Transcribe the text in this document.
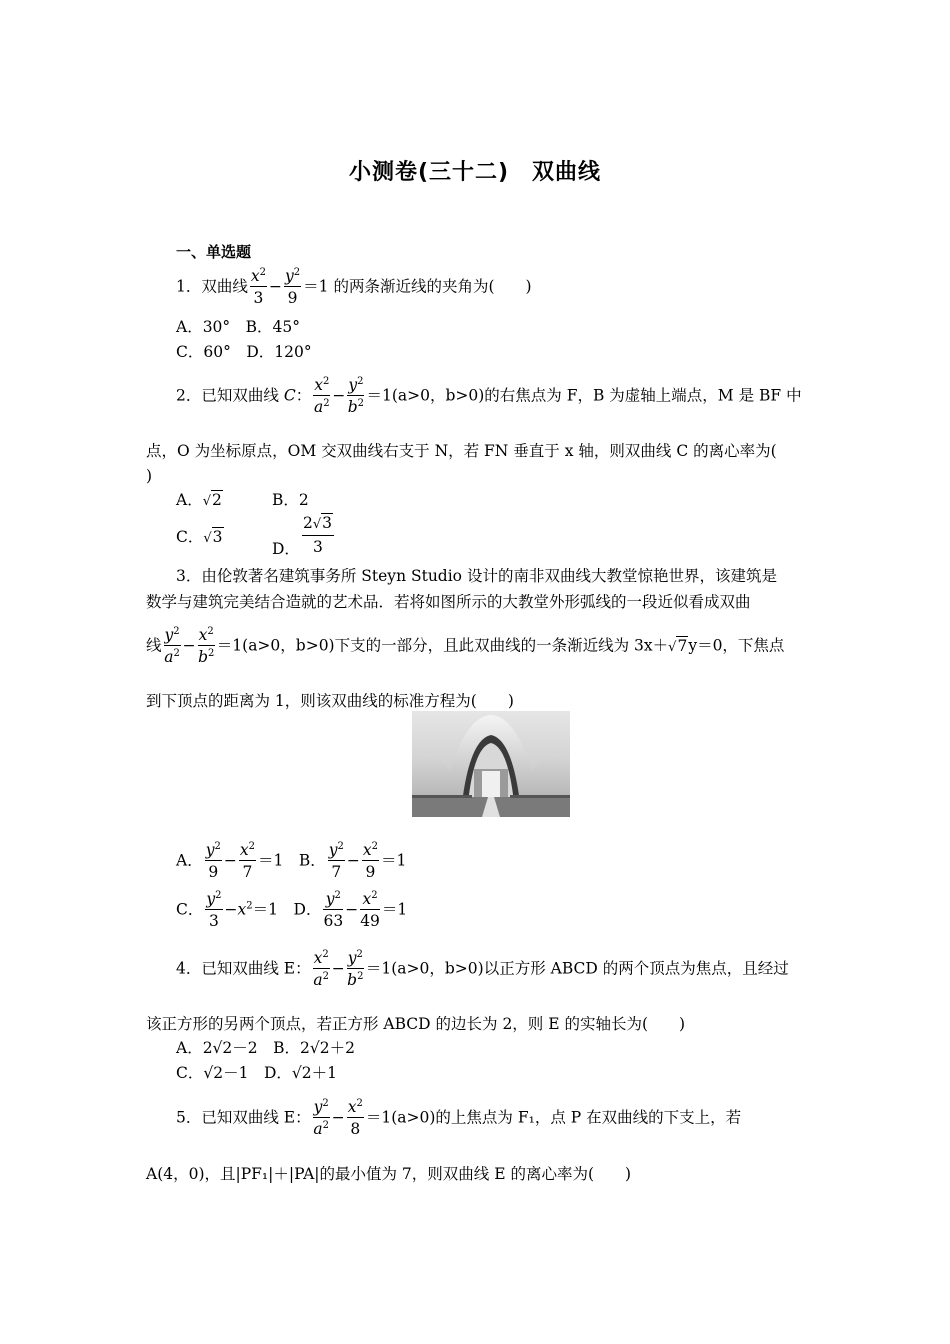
小测卷(三十二)　双曲线
一、单选题
1．双曲线 $\frac{x^2}{3} - \frac{y^2}{9} =1$ 的两条渐近线的夹角为(　　)
A．30°　B．45°
C．60°　D．120°
2．已知双曲线 C： $\frac{x^2}{a^2} - \frac{y^2}{b^2} =1(a>0$，b>0)的右焦点为 F，B 为虚轴上端点，M 是 BF 中
点，O 为坐标原点，OM 交双曲线右支于 N，若 FN 垂直于 x 轴，则双曲线 C 的离心率为(
)
A．√2	B．2
C．√3
D． $\frac{2√3}{3}$
3．由伦敦著名建筑事务所 Steyn Studio 设计的南非双曲线大教堂惊艳世界，该建筑是
数学与建筑完美结合造就的艺术品．若将如图所示的大教堂外形弧线的一段近似看成双曲
线 $\frac{y^2}{a^2} - \frac{x^2}{b^2} =1(a>0$，b>0)下支的一部分，且此双曲线的一条渐近线为 3x＋√7y＝0，下焦点
到下顶点的距离为 1，则该双曲线的标准方程为(　　)
A． $\frac{y^2}{9} - \frac{x^2}{7} =1$　B． $\frac{y^2}{7} - \frac{x^2}{9} =1$
C． $\frac{y^2}{3} -x^2=1$　D． $\frac{y^2}{63} - \frac{x^2}{49} =1$
4．已知双曲线 E： $\frac{x^2}{a^2} - \frac{y^2}{b^2} =1(a>0$，b>0)以正方形 ABCD 的两个顶点为焦点，且经过
该正方形的另两个顶点，若正方形 ABCD 的边长为 2，则 E 的实轴长为(　　)
A．2√2－2　B．2√2＋2
C．√2－1　D．√2＋1
5．已知双曲线 E： $\frac{y^2}{a^2} - \frac{x^2}{8} =1(a>0)$的上焦点为 F₁，点 P 在双曲线的下支上，若
A(4，0)，且|PF₁|＋|PA|的最小值为 7，则双曲线 E 的离心率为(　　)
